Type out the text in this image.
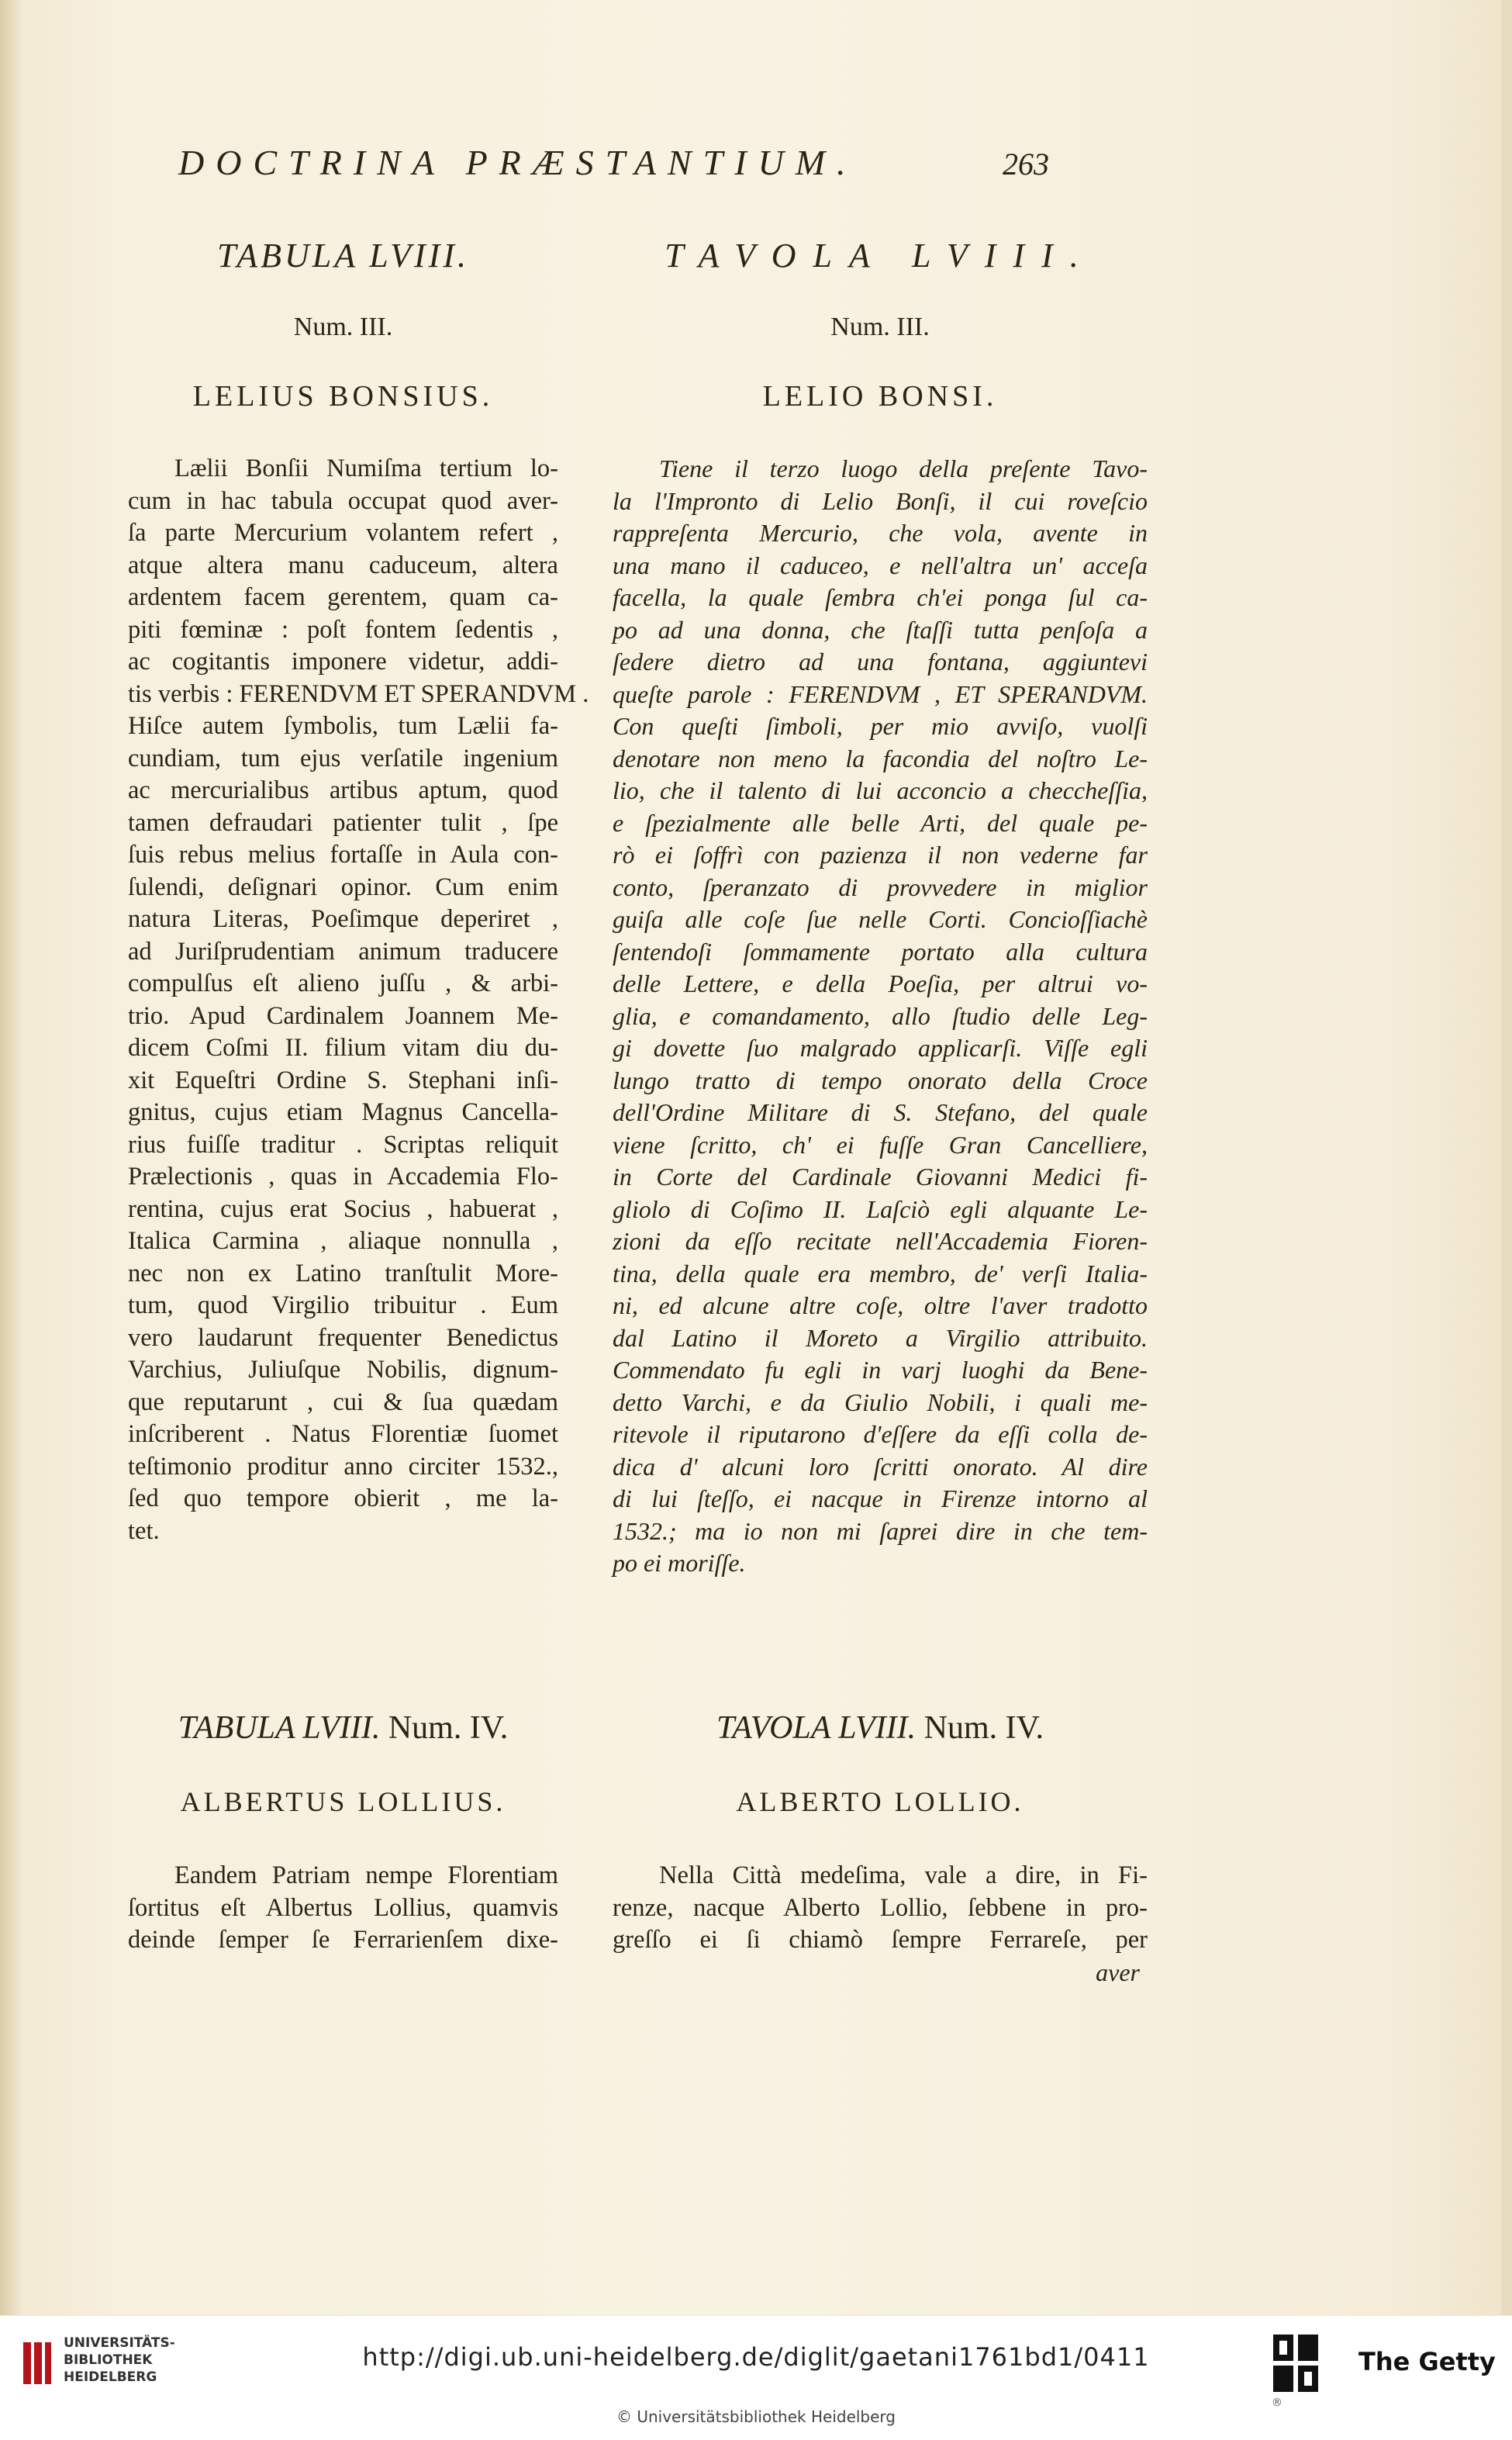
DOCTRINA PRÆSTANTIUM.	263
TABULA LVIII.
Num. III.
LELIUS BONSIUS.
Lælii Bonſii Numiſma tertium lo-
cum in hac tabula occupat quod aver-
ſa parte Mercurium volantem refert ,
atque altera manu caduceum, altera
ardentem facem gerentem, quam ca-
piti fœminæ : poſt fontem ſedentis ,
ac cogitantis imponere videtur, addi-
tis verbis : FERENDVM ET SPERANDVM .
Hiſce autem ſymbolis, tum Lælii fa-
cundiam, tum ejus verſatile ingenium
ac mercurialibus artibus aptum, quod
tamen defraudari patienter tulit , ſpe
ſuis rebus melius fortaſſe in Aula con-
ſulendi, deſignari opinor. Cum enim
natura Literas, Poeſimque deperiret ,
ad Juriſprudentiam animum traducere
compulſus eſt alieno juſſu , & arbi-
trio. Apud Cardinalem Joannem Me-
dicem Coſmi II. filium vitam diu du-
xit Equeſtri Ordine S. Stephani inſi-
gnitus, cujus etiam Magnus Cancella-
rius fuiſſe traditur . Scriptas reliquit
Prælectionis , quas in Accademia Flo-
rentina, cujus erat Socius , habuerat ,
Italica Carmina , aliaque nonnulla ,
nec non ex Latino tranſtulit More-
tum, quod Virgilio tribuitur . Eum
vero laudarunt frequenter Benedictus
Varchius, Juliuſque Nobilis, dignum-
que reputarunt , cui & ſua quædam
inſcriberent . Natus Florentiæ ſuomet
teſtimonio proditur anno circiter 1532.,
ſed quo tempore obierit , me la-
tet.
TAVOLA LVIII.
Num. III.
LELIO BONSI.
Tiene il terzo luogo della preſente Tavo-
la l'Impronto di Lelio Bonſi, il cui roveſcio
rappreſenta Mercurio, che vola, avente in
una mano il caduceo, e nell'altra un' acceſa
facella, la quale ſembra ch'ei ponga ſul ca-
po ad una donna, che ſtaſſi tutta penſoſa a
ſedere dietro ad una fontana, aggiuntevi
queſte parole : FERENDVM , ET SPERANDVM.
Con queſti ſimboli, per mio avviſo, vuolſi
denotare non meno la facondia del noſtro Le-
lio, che il talento di lui acconcio a checcheſſia,
e ſpezialmente alle belle Arti, del quale pe-
rò ei ſoffrì con pazienza il non vederne far
conto, ſperanzato di provvedere in miglior
guiſa alle coſe ſue nelle Corti. Concioſſiachè
ſentendoſi ſommamente portato alla cultura
delle Lettere, e della Poeſia, per altrui vo-
glia, e comandamento, allo ſtudio delle Leg-
gi dovette ſuo malgrado applicarſi. Viſſe egli
lungo tratto di tempo onorato della Croce
dell'Ordine Militare di S. Stefano, del quale
viene ſcritto, ch' ei fuſſe Gran Cancelliere,
in Corte del Cardinale Giovanni Medici fi-
gliolo di Coſimo II. Laſciò egli alquante Le-
zioni da eſſo recitate nell'Accademia Fioren-
tina, della quale era membro, de' verſi Italia-
ni, ed alcune altre coſe, oltre l'aver tradotto
dal Latino il Moreto a Virgilio attribuito.
Commendato fu egli in varj luoghi da Bene-
detto Varchi, e da Giulio Nobili, i quali me-
ritevole il riputarono d'eſſere da eſſi colla de-
dica d' alcuni loro ſcritti onorato. Al dire
di lui ſteſſo, ei nacque in Firenze intorno al
1532.; ma io non mi ſaprei dire in che tem-
po ei moriſſe.
TABULA LVIII. Num. IV.
ALBERTUS LOLLIUS.
Eandem Patriam nempe Florentiam
ſortitus eſt Albertus Lollius, quamvis
deinde ſemper ſe Ferrarienſem dixe-
TAVOLA LVIII. Num. IV.
ALBERTO LOLLIO.
Nella Città medeſima, vale a dire, in Fi-
renze, nacque Alberto Lollio, ſebbene in pro-
greſſo ei ſi chiamò ſempre Ferrareſe, per
aver
UNIVERSITÄTS-
BIBLIOTHEK
HEIDELBERG
http://digi.ub.uni-heidelberg.de/diglit/gaetani1761bd1/0411
© Universitätsbibliothek Heidelberg
The Getty
®
